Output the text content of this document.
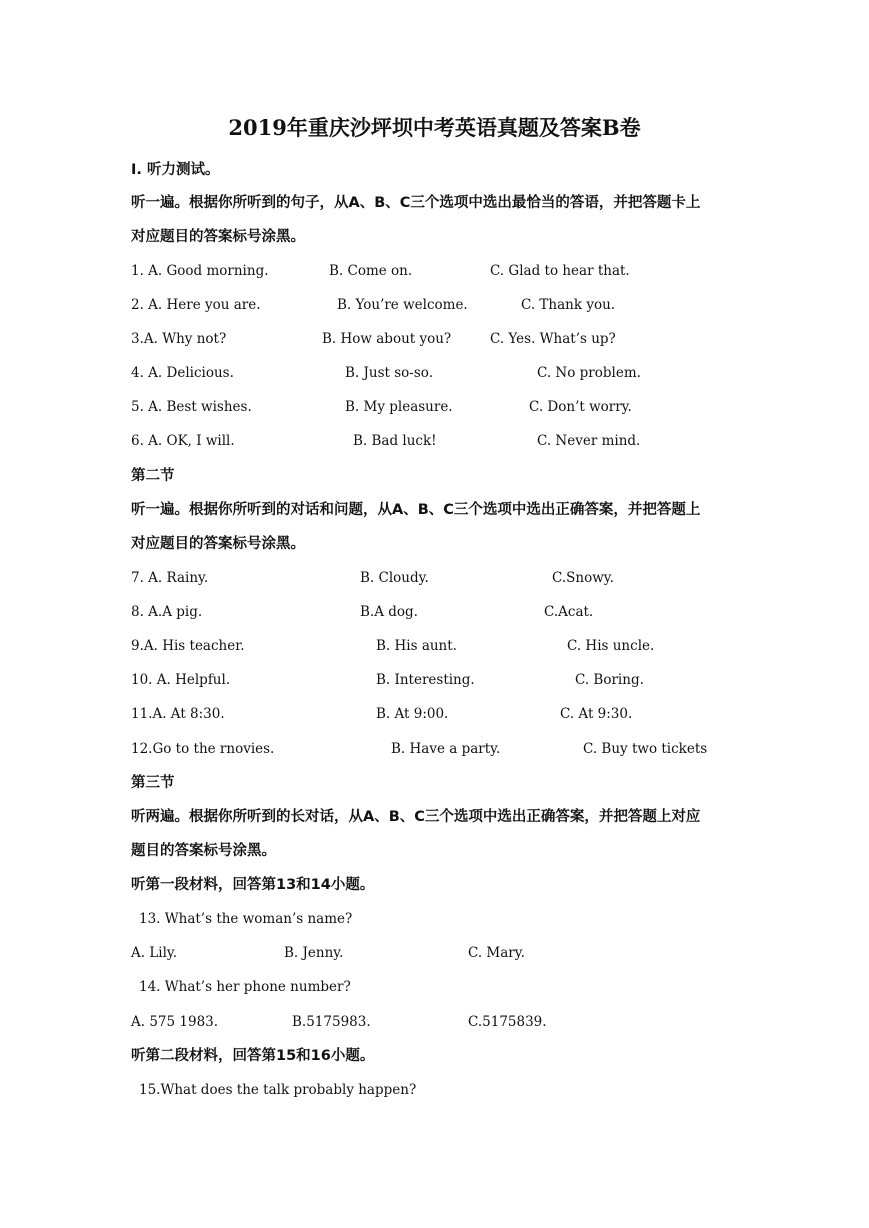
2019年重庆沙坪坝中考英语真题及答案B卷
I. 听力测试。
听一遍。根据你所听到的句子，从A、B、C三个选项中选出最恰当的答语，并把答题卡上
对应题目的答案标号涂黑。
1. A. Good morning.	B. Come on.	C. Glad to hear that.
2. A. Here you are.	B. You’re welcome.	C. Thank you.
3.A. Why not?	B. How about you?	C. Yes. What’s up?
4. A. Delicious.	B. Just so-so.	C. No problem.
5. A. Best wishes.	B. My pleasure.	C. Don’t worry.
6. A. OK, I will.	B. Bad luck!	C. Never mind.
第二节
听一遍。根据你所听到的对话和问题，从A、B、C三个选项中选出正确答案，并把答题上
对应题目的答案标号涂黑。
7. A. Rainy.	B. Cloudy.	C.Snowy.
8. A.A pig.	B.A dog.	C.Acat.
9.A. His teacher.	B. His aunt.	C. His uncle.
10. A. Helpful.	B. Interesting.	C. Boring.
11.A. At 8:30.	B. At 9:00.	C. At 9:30.
12.Go to the rnovies.	B. Have a party.	C. Buy two tickets
第三节
听两遍。根据你所听到的长对话，从A、B、C三个选项中选出正确答案，并把答题上对应
题目的答案标号涂黑。
听第一段材料，回答第13和14小题。
13. What’s the woman’s name?
A. Lily.	B. Jenny.	C. Mary.
14. What’s her phone number?
A. 575 1983.	B.5175983.	C.5175839.
听第二段材料，回答第15和16小题。
15.What does the talk probably happen?
